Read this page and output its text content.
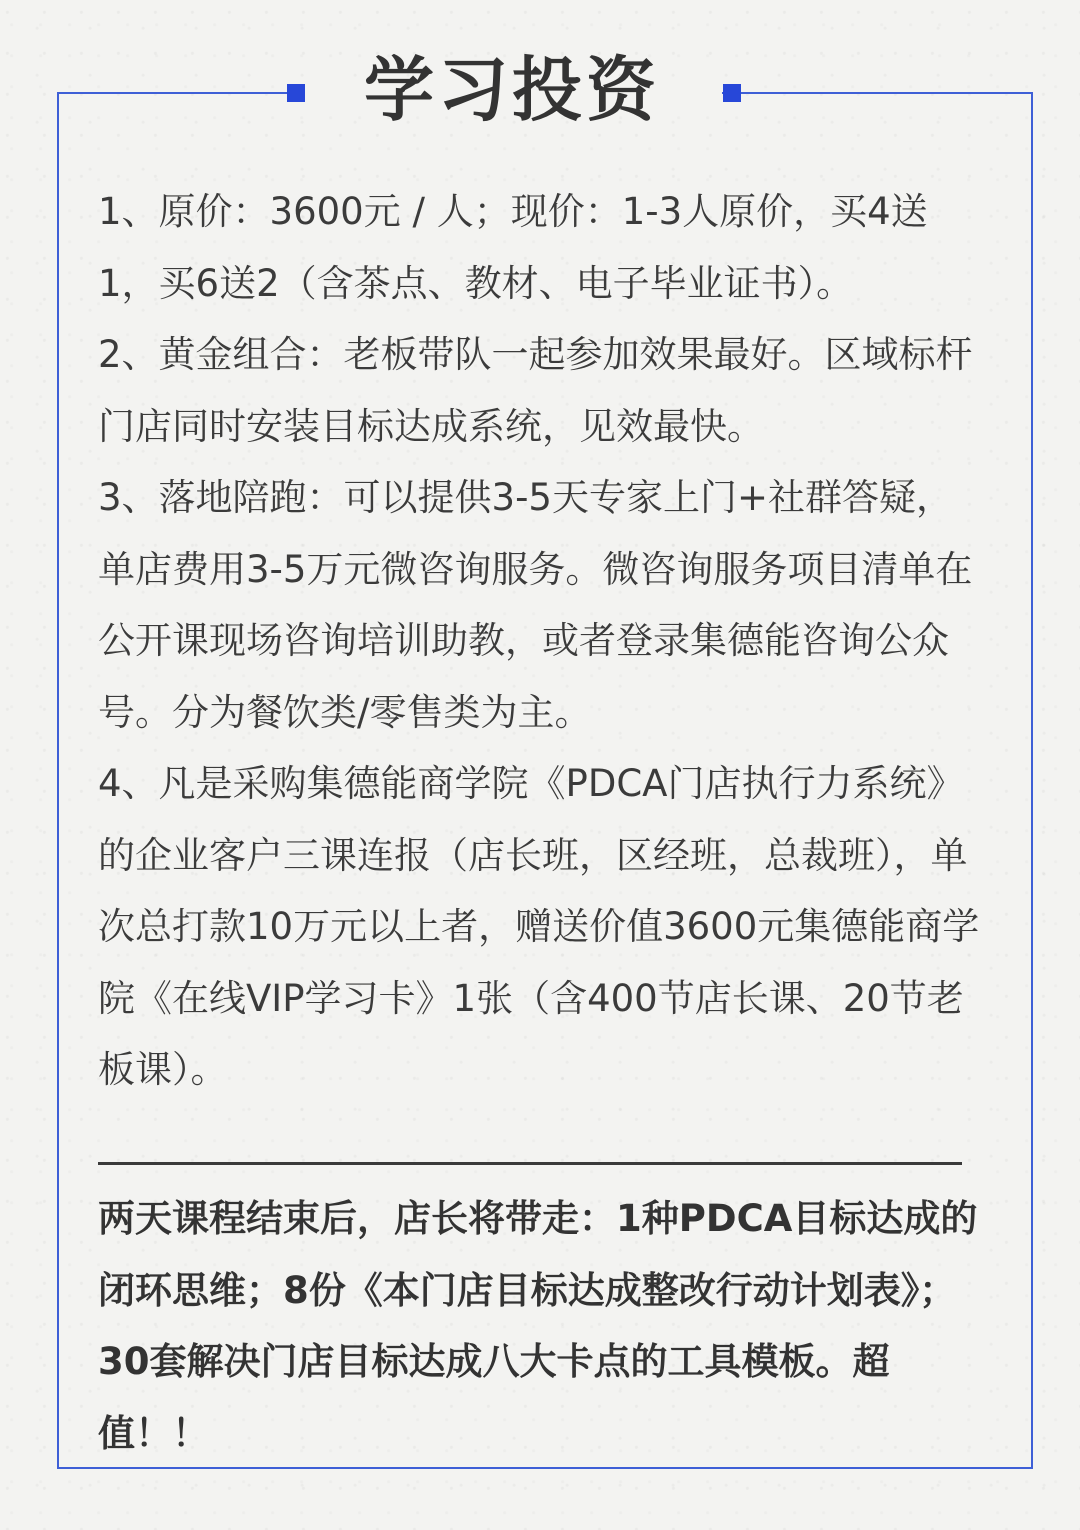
学习投资

1、原价：3600元 / 人；现价：1-3人原价，买4送1，买6送2（含茶点、教材、电子毕业证书）。

2、黄金组合：老板带队一起参加效果最好。区域标杆门店同时安装目标达成系统，见效最快。

3、落地陪跑：可以提供3-5天专家上门+社群答疑，单店费用3-5万元微咨询服务。微咨询服务项目清单在公开课现场咨询培训助教，或者登录集德能咨询公众号。分为餐饮类/零售类为主。

4、凡是采购集德能商学院《PDCA门店执行力系统》的企业客户三课连报（店长班，区经班，总裁班），单次总打款10万元以上者，赠送价值3600元集德能商学院《在线VIP学习卡》1张（含400节店长课、20节老板课）。

两天课程结束后，店长将带走：1种PDCA目标达成的闭环思维；8份《本门店目标达成整改行动计划表》；30套解决门店目标达成八大卡点的工具模板。超值！！
